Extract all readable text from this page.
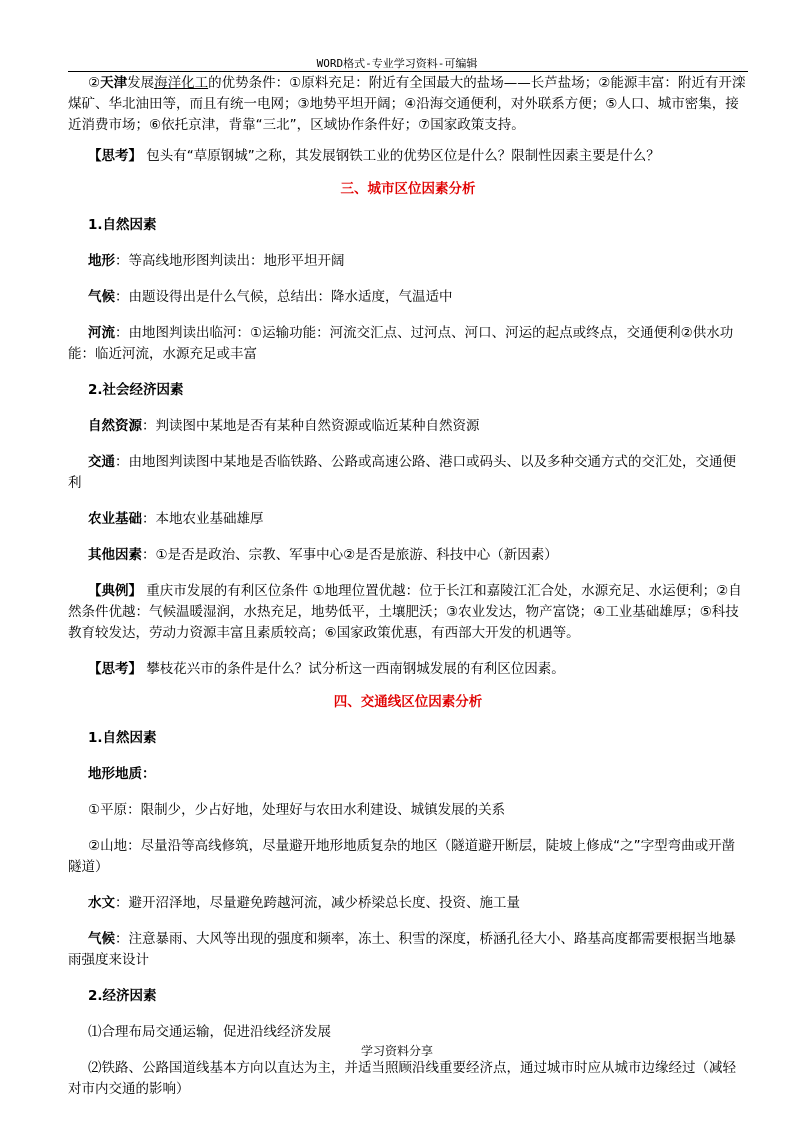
WORD格式-专业学习资料-可编辑

②天津发展海洋化工的优势条件：①原料充足：附近有全国最大的盐场——长芦盐场；②能源丰富：附近有开滦煤矿、华北油田等，而且有统一电网；③地势平坦开阔；④沿海交通便利，对外联系方便；⑤人口、城市密集，接近消费市场；⑥依托京津，背靠“三北”，区域协作条件好；⑦国家政策支持。

【思考】 包头有“草原钢城”之称，其发展钢铁工业的优势区位是什么？限制性因素主要是什么？

三、城市区位因素分析

1.自然因素

地形：等高线地形图判读出：地形平坦开阔

气候：由题设得出是什么气候，总结出：降水适度，气温适中

河流：由地图判读出临河：①运输功能：河流交汇点、过河点、河口、河运的起点或终点，交通便利②供水功能：临近河流，水源充足或丰富

2.社会经济因素

自然资源：判读图中某地是否有某种自然资源或临近某种自然资源

交通：由地图判读图中某地是否临铁路、公路或高速公路、港口或码头、以及多种交通方式的交汇处，交通便利

农业基础：本地农业基础雄厚

其他因素：①是否是政治、宗教、军事中心②是否是旅游、科技中心（新因素）

【典例】 重庆市发展的有利区位条件 ①地理位置优越：位于长江和嘉陵江汇合处，水源充足、水运便利；②自然条件优越：气候温暖湿润，水热充足，地势低平，土壤肥沃；③农业发达，物产富饶；④工业基础雄厚；⑤科技教育较发达，劳动力资源丰富且素质较高；⑥国家政策优惠，有西部大开发的机遇等。

【思考】 攀枝花兴市的条件是什么？试分析这一西南钢城发展的有利区位因素。

四、交通线区位因素分析

1.自然因素

地形地质：

①平原：限制少，少占好地，处理好与农田水利建设、城镇发展的关系

②山地：尽量沿等高线修筑，尽量避开地形地质复杂的地区（隧道避开断层，陡坡上修成“之”字型弯曲或开凿隧道）

水文：避开沼泽地，尽量避免跨越河流，减少桥梁总长度、投资、施工量

气候：注意暴雨、大风等出现的强度和频率，冻土、积雪的深度，桥涵孔径大小、路基高度都需要根据当地暴雨强度来设计

2.经济因素

⑴合理布局交通运输，促进沿线经济发展

⑵铁路、公路国道线基本方向以直达为主，并适当照顾沿线重要经济点，通过城市时应从城市边缘经过（减轻对市内交通的影响）

学习资料分享
